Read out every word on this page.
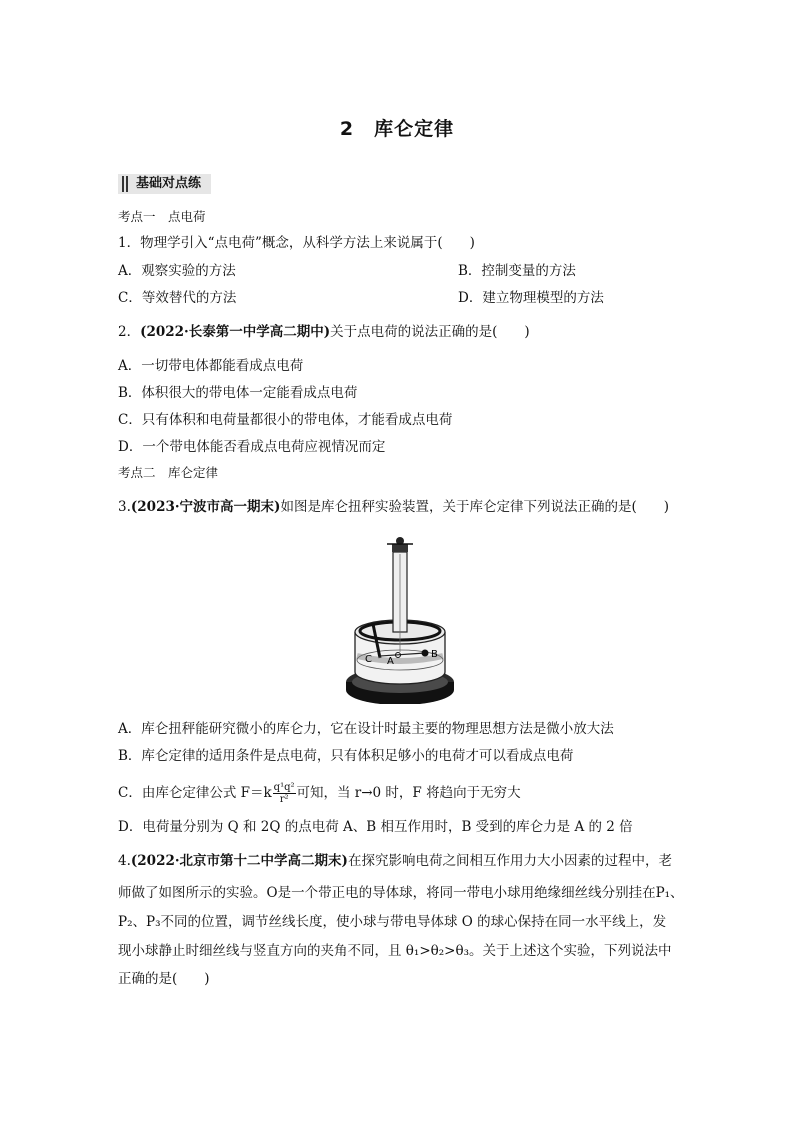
2　库仑定律
基础对点练
考点一　点电荷
1．物理学引入“点电荷”概念，从科学方法上来说属于(　　)
A．观察实验的方法	B．控制变量的方法
C．等效替代的方法	D．建立物理模型的方法
2．(2022·长泰第一中学高二期中)关于点电荷的说法正确的是(　　)
A．一切带电体都能看成点电荷
B．体积很大的带电体一定能看成点电荷
C．只有体积和电荷量都很小的带电体，才能看成点电荷
D．一个带电体能否看成点电荷应视情况而定
考点二　库仑定律
3.(2023·宁波市高一期末)如图是库仑扭秤实验装置，关于库仑定律下列说法正确的是(　　)
C A
B
A．库仑扭秤能研究微小的库仑力，它在设计时最主要的物理思想方法是微小放大法
B．库仑定律的适用条件是点电荷，只有体积足够小的电荷才可以看成点电荷
C．由库仑定律公式 $F=k \frac{\text{q¹q²}}{\text{r²}}$ 可知，当 r→0 时，F 将趋向于无穷大
D．电荷量分别为 Q 和 2Q 的点电荷 A、B 相互作用时，B 受到的库仑力是 A 的 2 倍
4.(2022·北京市第十二中学高二期末)在探究影响电荷之间相互作用力大小因素的过程中，老
师做了如图所示的实验。O是一个带正电的导体球，将同一带电小球用绝缘细丝线分别挂在P₁、
P₂、P₃不同的位置，调节丝线长度，使小球与带电导体球 O 的球心保持在同一水平线上，发
现小球静止时细丝线与竖直方向的夹角不同，且 θ₁>θ₂>θ₃。关于上述这个实验，下列说法中
正确的是(　　)
